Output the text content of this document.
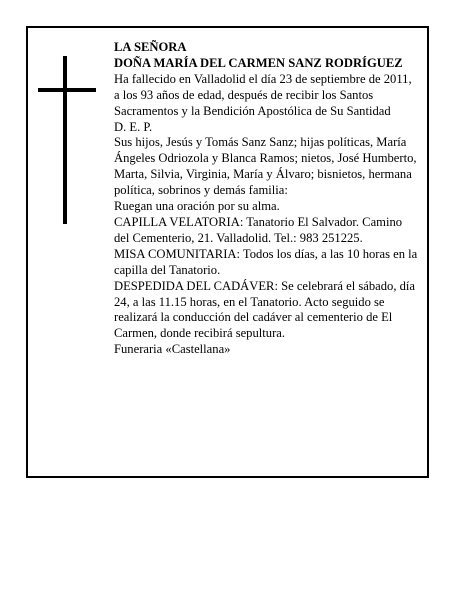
LA SEÑORA

DOÑA MARÍA DEL CARMEN SANZ RODRÍGUEZ

Ha fallecido en Valladolid el día 23 de septiembre de 2011, a los 93 años de edad, después de recibir los Santos Sacramentos y la Bendición Apostólica de Su Santidad

D. E. P.

Sus hijos, Jesús y Tomás Sanz Sanz; hijas políticas, María Ángeles Odriozola y Blanca Ramos; nietos, José Humberto, Marta, Silvia, Virginia, María y Álvaro; bisnietos, hermana política, sobrinos y demás familia:

Ruegan una oración por su alma.

CAPILLA VELATORIA: Tanatorio El Salvador. Camino del Cementerio, 21. Valladolid. Tel.: 983 251225.

MISA COMUNITARIA: Todos los días, a las 10 horas en la capilla del Tanatorio.

DESPEDIDA DEL CADÁVER: Se celebrará el sábado, día 24, a las 11.15 horas, en el Tanatorio. Acto seguido se realizará la conducción del cadáver al cementerio de El Carmen, donde recibirá sepultura.

Funeraria «Castellana»
